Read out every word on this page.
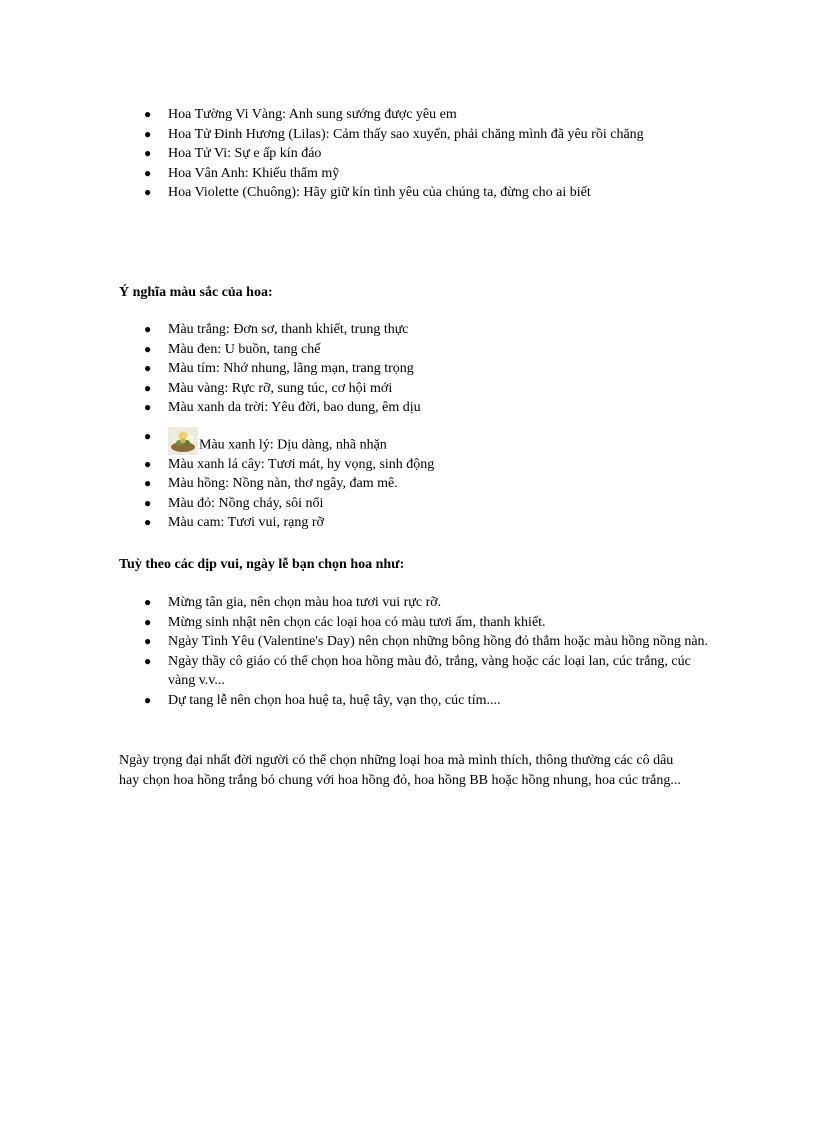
● Hoa Tường Vi Vàng: Anh sung sướng được yêu em
● Hoa Tử Đinh Hương (Lilas): Cảm thấy sao xuyến, phải chăng mình đã yêu rồi chăng
● Hoa Tử Vi: Sự e ấp kín đáo
● Hoa Vân Anh: Khiếu thẩm mỹ
● Hoa Violette (Chuông): Hãy giữ kín tình yêu của chúng ta, đừng cho ai biết
Ý nghĩa màu sắc của hoa:
● Màu trắng: Đơn sơ, thanh khiết, trung thực
● Màu đen: U buồn, tang chế
● Màu tím: Nhớ nhung, lãng mạn, trang trọng
● Màu vàng: Rực rỡ, sung túc, cơ hội mới
● Màu xanh da trời: Yêu đời, bao dung, êm dịu
●
Màu xanh lý: Dịu dàng, nhã nhặn
● Màu xanh lá cây: Tươi mát, hy vọng, sinh động
● Màu hồng: Nồng nàn, thơ ngây, đam mê.
● Màu đỏ: Nồng cháy, sôi nổi
● Màu cam: Tươi vui, rạng rỡ
Tuỳ theo các dịp vui, ngày lễ bạn chọn hoa như:
● Mừng tân gia, nên chọn màu hoa tươi vui rực rỡ.
● Mừng sinh nhật nên chọn các loại hoa có màu tươi ấm, thanh khiết.
● Ngày Tình Yêu (Valentine's Day) nên chọn những bông hồng đỏ thắm hoặc màu hồng nồng nàn.
● Ngày thầy cô giáo có thể chọn hoa hồng màu đỏ, trắng, vàng hoặc các loại lan, cúc trắng, cúc vàng v.v...
● Dự tang lễ nên chọn hoa huệ ta, huệ tây, vạn thọ, cúc tím....

Ngày trọng đại nhất đời người có thể chọn những loại hoa mà mình thích, thông thường các cô dâu hay chọn hoa hồng trắng bó chung với hoa hồng đỏ, hoa hồng BB hoặc hồng nhung, hoa cúc trắng...
